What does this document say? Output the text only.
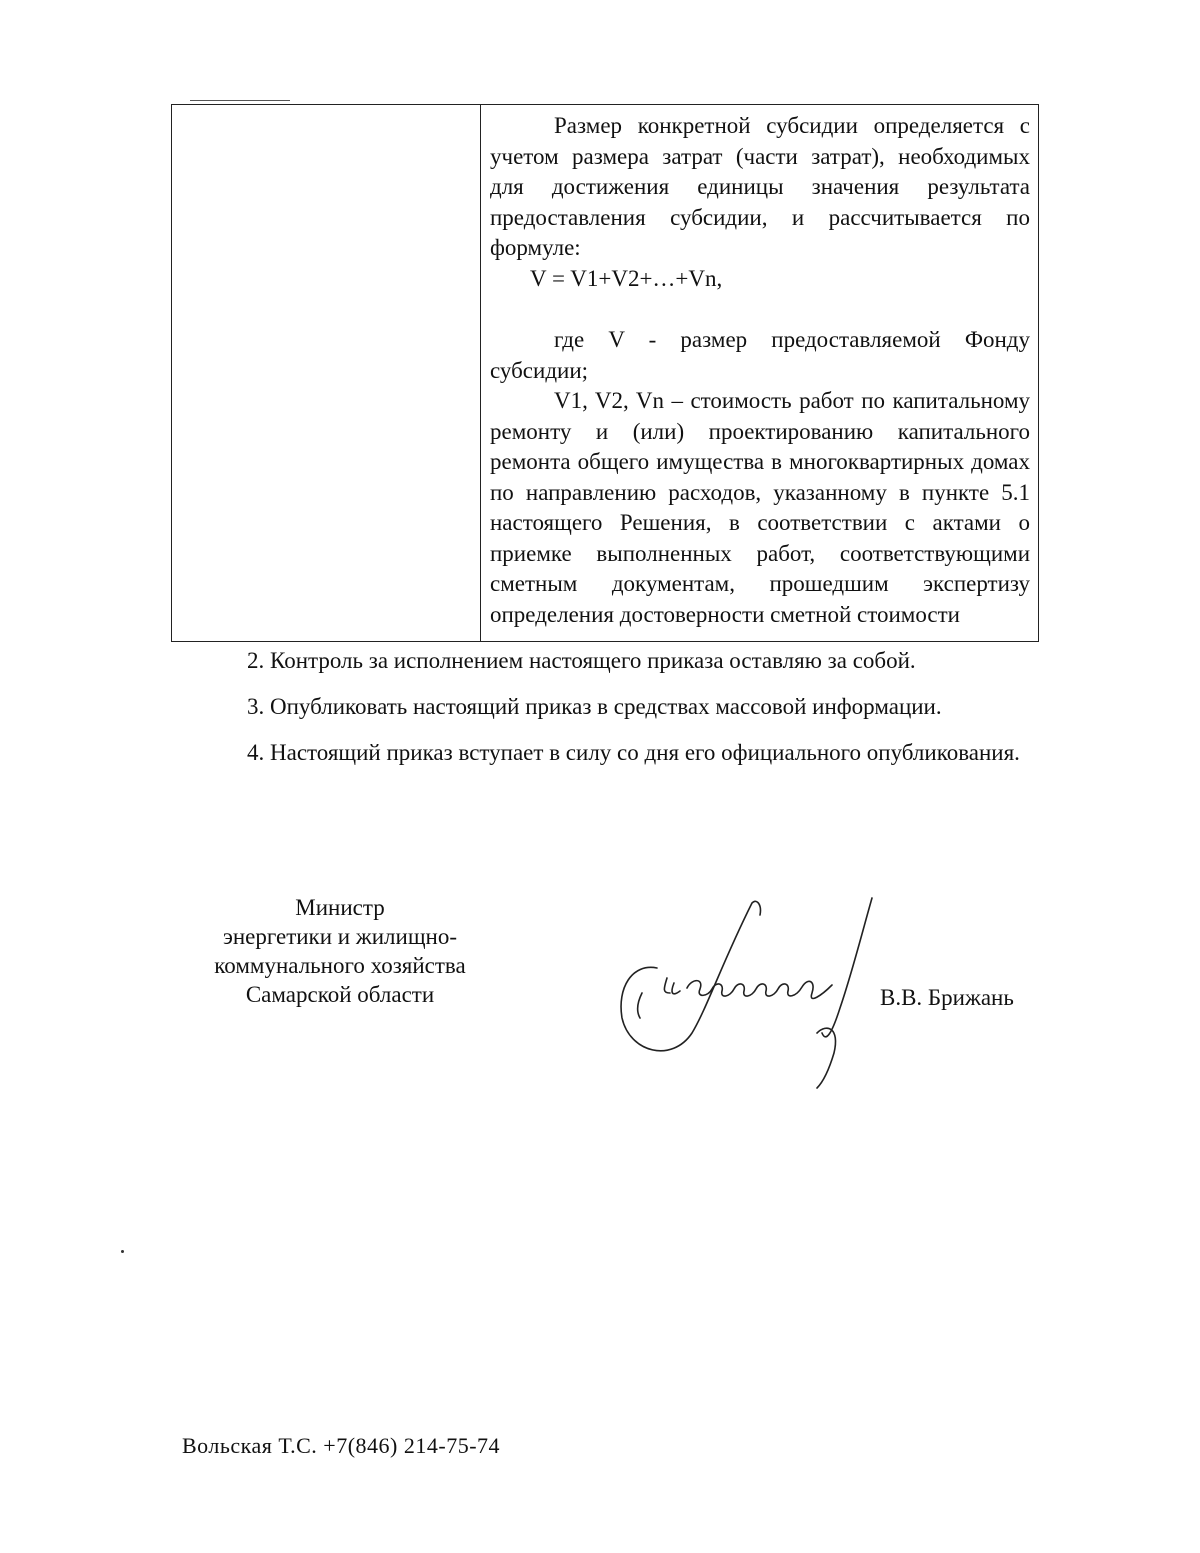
Размер конкретной субсидии определяется с учетом размера затрат (части затрат), необходимых для достижения единицы значения результата предоставления субсидии, и рассчитывается по формуле:

V = V1+V2+…+Vn,

где V - размер предоставляемой Фонду субсидии;

V1, V2, Vn – стоимость работ по капитальному ремонту и (или) проектированию капитального ремонта общего имущества в многоквартирных домах по направлению расходов, указанному в пункте 5.1 настоящего Решения, в соответствии с актами о приемке выполненных работ, соответствующими сметным документам, прошедшим экспертизу определения достоверности сметной стоимости

2. Контроль за исполнением настоящего приказа оставляю за собой.

3. Опубликовать настоящий приказ в средствах массовой информации.

4. Настоящий приказ вступает в силу со дня его официального опубликования.

Министр
энергетики и жилищно-
коммунального хозяйства
Самарской области	В.В. Брижань
Вольская Т.С. +7(846) 214-75-74
